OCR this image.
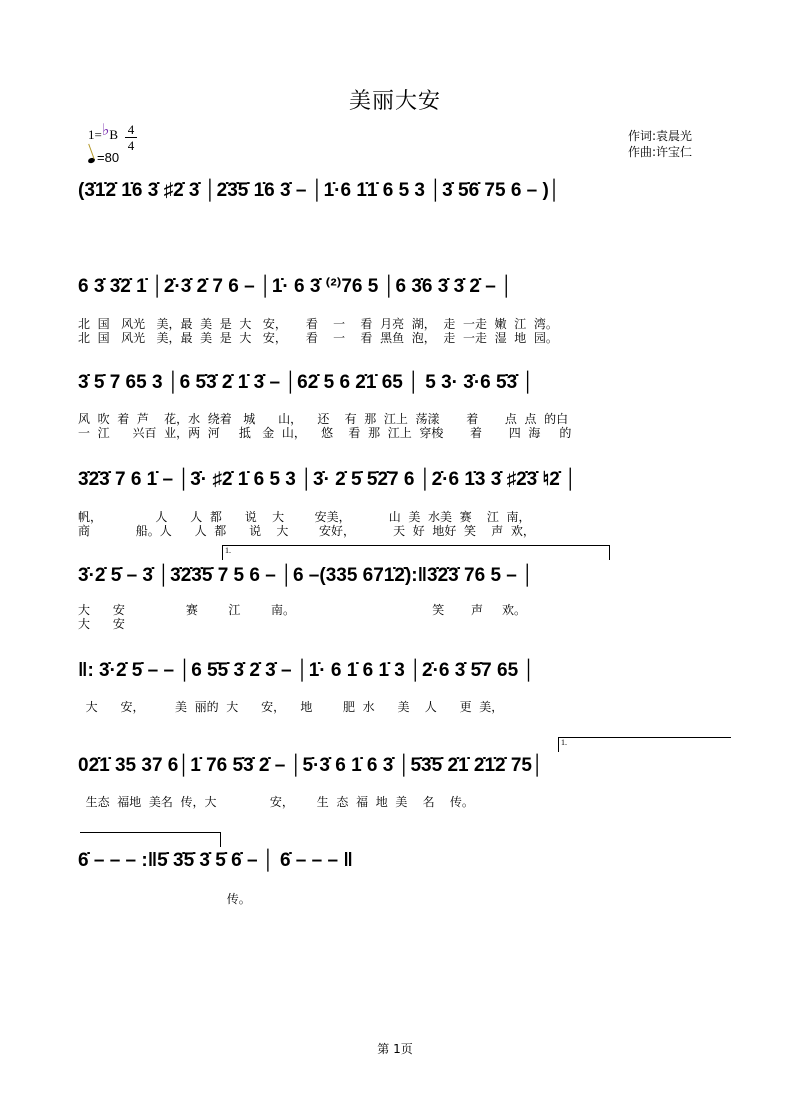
美丽大安
1=♭B 4
4
=80
作词:袁晨光
作曲:许宝仁
(3̇1̇2̇ 1̇6 3̇ ♯2̇ 3̇ │2̇3̇5̇ 1̇6 3̇ – │1̇·6 1̇1̇ 6 5 3 │3̇ 5̇6̇ 75 6 – )│
6 3̇ 3̇2̇ 1̇ │2̇·3̇ 2̇ 7 6 – │1̇· 6 3̇ ⁽²⁾76 5 │6 3̇6 3̇ 3̇ 2̇ – │
北  国   风光   美，最  美  是  大   安，     看    一    看  月亮  湖，  走  一走  嫩  江  湾。
北  国   风光   美，最  美  是  大   安，     看    一    看  黑鱼  泡，  走  一走  湿  地  园。
3̇ 5̇ 7 65 3 │6 5̇3̇ 2̇ 1̇ 3̇ – │62̇ 5 6 2̇1̇ 65 │ 5 3· 3̇·6 5̇3̇ │
风  吹  着  芦    花，水  绕着   城      山，    还    有  那  江上  荡漾       着       点  点  的白
一  江      兴百  业，两  河     抵   金  山，    悠    看  那  江上  穿梭       着       四  海     的
3̇2̇3̇ 7 6 1̇ – │3̇· ♯2̇ 1̇ 6 5 3 │3̇· 2̇ 5̇ 5̇2̇7 6 │2̇·6 1̇3 3̇ ♯2̇3̇ ♮2̇ │
帆，              人      人  都      说    大        安美，          山  美  水美  赛    江  南，
商            船。人      人  都      说    大        安好，          天  好  地好  笑    声  欢，
1.
3̇·2̇ 5̇ – 3̇ │3̇2̇3̇5̇ 7 5 6 – │6 –(335 671̇2̇):‖3̇2̇3̇ 76 5 – │
大      安                赛        江        南。                                    笑       声     欢。
大      安
‖: 3̇·2̇ 5̇ – – │6 5̇5̇ 3̇ 2̇ 3̇ – │1̇· 6 1̇ 6 1̇ 3 │2̇·6 3̇ 5̇7 65 │
大      安，        美  丽的  大      安，    地        肥  水      美    人      更  美，
1.
02̇1̇ 35 37 6│1̇ 76 5̇3̇ 2̇ – │5̇·3̇ 6 1̇ 6 3̇ │5̇3̇5̇ 2̇1̇ 2̇1̇2̇ 75│
生态  福地  美名  传，大              安，      生  态  福  地  美    名    传。
6̇ – – – :‖5̇ 3̇5̇ 3̇ 5̇ 6̇ – │ 6̇ – – – ‖
传。
第 1页
